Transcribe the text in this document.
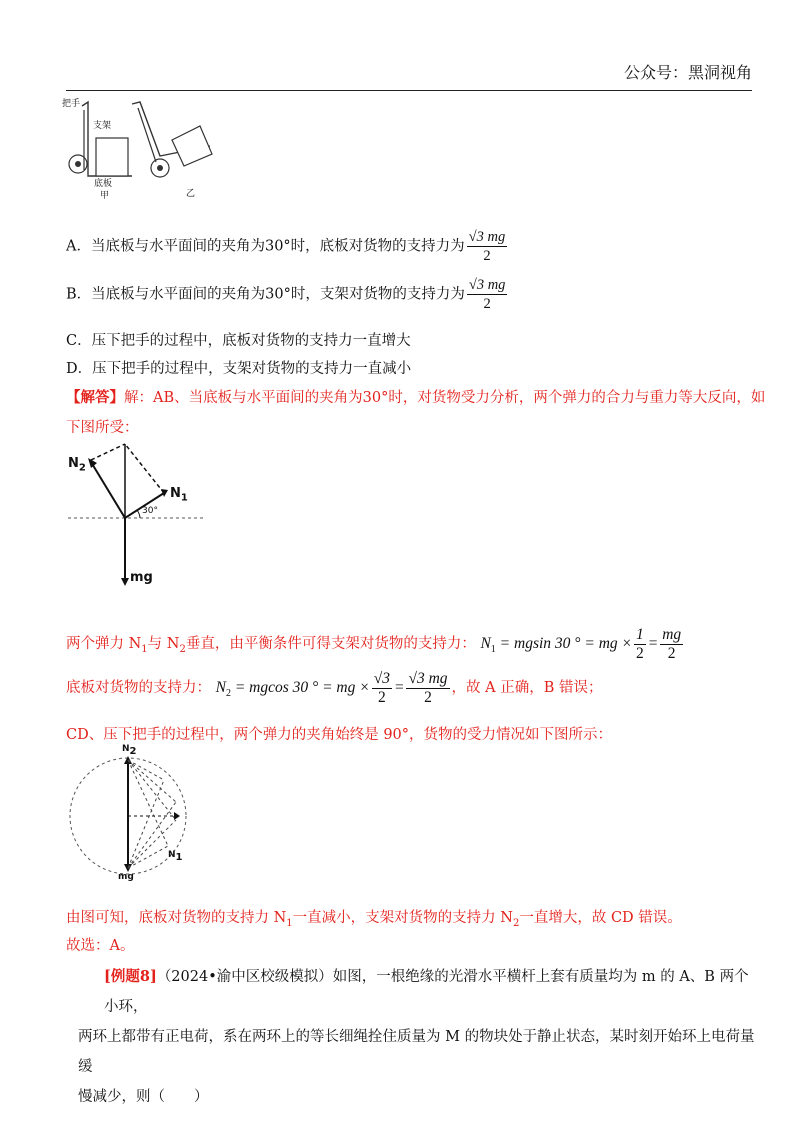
公众号：黑洞视角
把手
支架
底板
甲	乙
A．当底板与水平面间的夹角为30°时，底板对货物的支持力为 $\frac{√3 mg}{2}$
B．当底板与水平面间的夹角为30°时，支架对货物的支持力为 $\frac{√3 mg}{2}$
C．压下把手的过程中，底板对货物的支持力一直增大
D．压下把手的过程中，支架对货物的支持力一直减小
【解答】解：AB、当底板与水平面间的夹角为30°时，对货物受力分析，两个弹力的合力与重力等大反向，如
下图所受：
$N_2$
$N_1$
30°
mg
两个弹力 $N_1$与 $N_2$垂直，由平衡条件可得支架对货物的支持力： $N_1 = mgsin$ 30 ° = mg × $\frac{1}{2} = \frac{mg}{2}$
底板对货物的支持力： $N_2 = mgcos$ 30 ° = mg × $\frac{√3}{2} = \frac{√3 mg}{2}$ ，故 A 正确，B 错误；
CD、压下把手的过程中，两个弹力的夹角始终是 90°，货物的受力情况如下图所示：
$N_2$
$N_1$
mg
由图可知，底板对货物的支持力 $N_1$一直减小，支架对货物的支持力 $N_2$一直增大，故 CD 错误。
故选：A。
[例题8]（2024•渝中区校级模拟）如图，一根绝缘的光滑水平横杆上套有质量均为 m 的 A、B 两个小环，
两环上都带有正电荷，系在两环上的等长细绳拴住质量为 M 的物块处于静止状态，某时刻开始环上电荷量缓
慢减少，则（　　）
